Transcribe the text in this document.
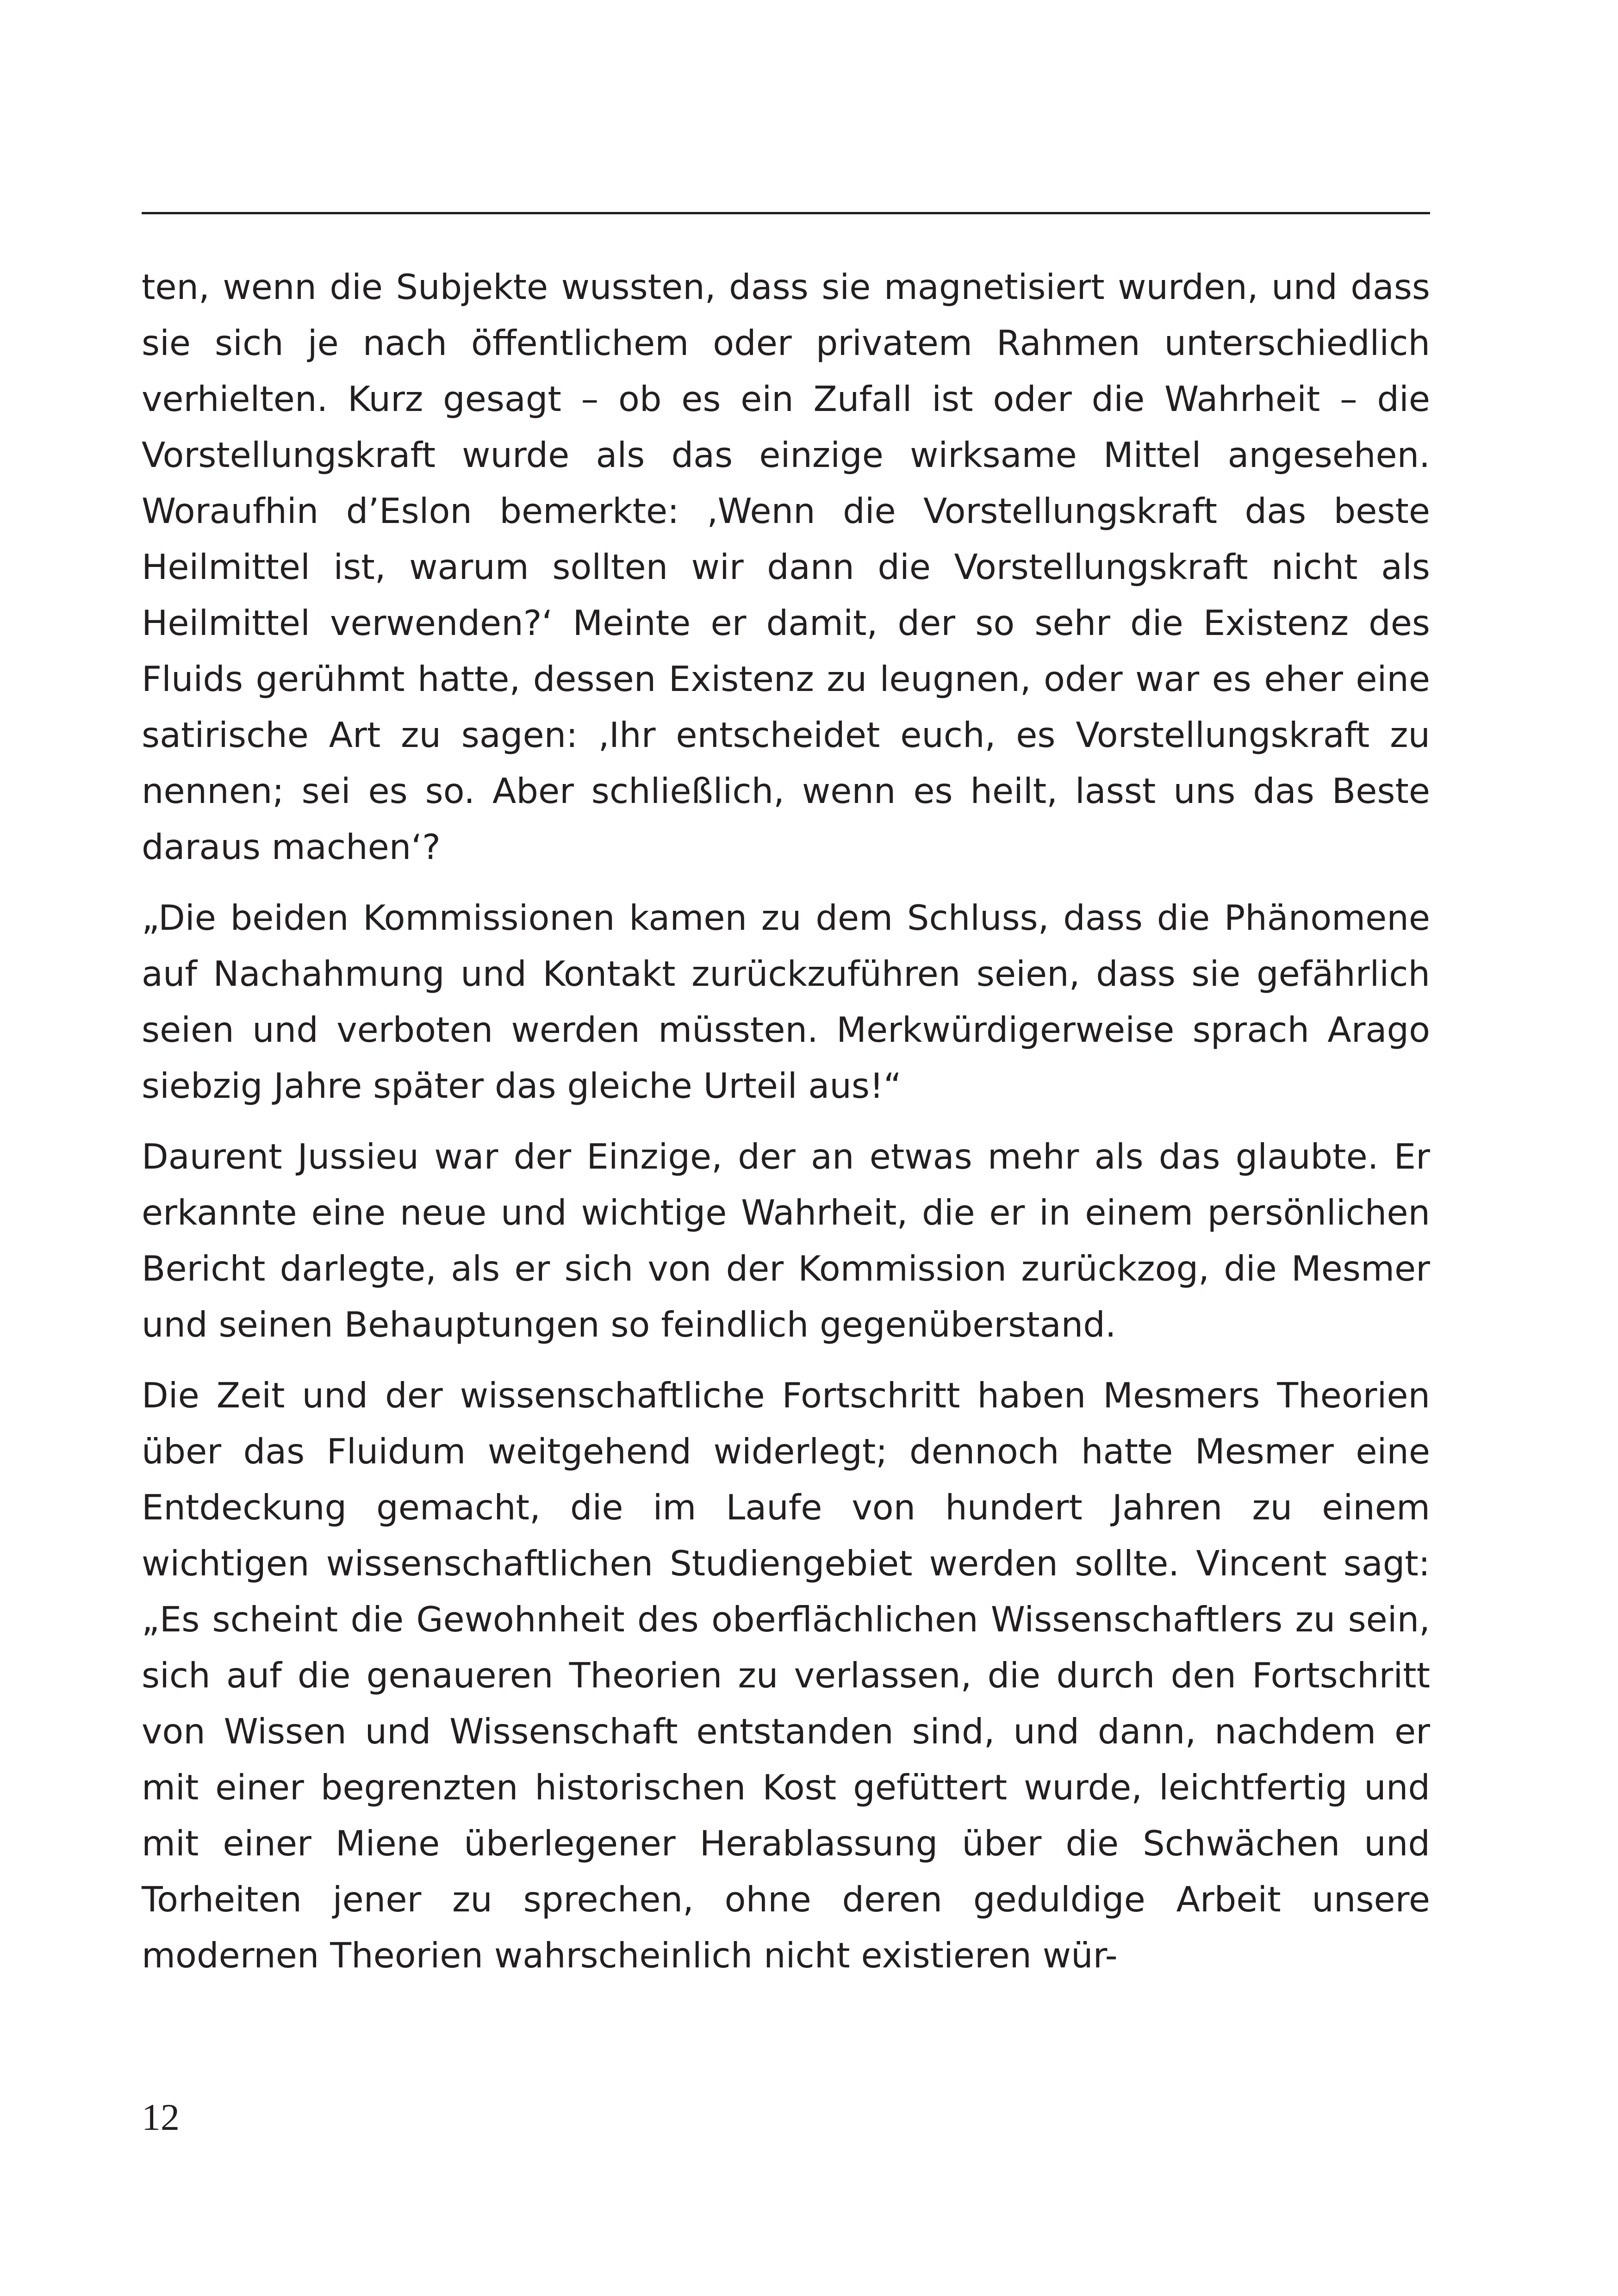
ten, wenn die Subjekte wussten, dass sie magnetisiert wurden, und dass sie sich je nach öffentlichem oder privatem Rahmen unterschiedlich verhielten. Kurz gesagt – ob es ein Zufall ist oder die Wahrheit – die Vorstellungskraft wurde als das einzige wirksame Mittel angesehen. Woraufhin d’Eslon bemerkte: ‚Wenn die Vorstellungskraft das beste Heilmittel ist, warum sollten wir dann die Vorstellungskraft nicht als Heilmittel verwenden?‘ Meinte er damit, der so sehr die Existenz des Fluids gerühmt hatte, dessen Existenz zu leugnen, oder war es eher eine satirische Art zu sagen: ‚Ihr entscheidet euch, es Vorstellungskraft zu nennen; sei es so. Aber schließlich, wenn es heilt, lasst uns das Beste daraus machen‘?

„Die beiden Kommissionen kamen zu dem Schluss, dass die Phänomene auf Nachahmung und Kontakt zurückzuführen seien, dass sie gefährlich seien und verboten werden müssten. Merkwürdigerweise sprach Arago siebzig Jahre später das gleiche Urteil aus!“

Daurent Jussieu war der Einzige, der an etwas mehr als das glaubte. Er erkannte eine neue und wichtige Wahrheit, die er in einem persönlichen Bericht darlegte, als er sich von der Kommission zurückzog, die Mesmer und seinen Behauptungen so feindlich gegenüberstand.

Die Zeit und der wissenschaftliche Fortschritt haben Mesmers Theorien über das Fluidum weitgehend widerlegt; dennoch hatte Mesmer eine Entdeckung gemacht, die im Laufe von hundert Jahren zu einem wichtigen wissenschaftlichen Studiengebiet werden sollte. Vincent sagt: „Es scheint die Gewohnheit des oberflächlichen Wissenschaftlers zu sein, sich auf die genaueren Theorien zu verlassen, die durch den Fortschritt von Wissen und Wissenschaft entstanden sind, und dann, nachdem er mit einer begrenzten historischen Kost gefüttert wurde, leichtfertig und mit einer Miene überlegener Herablassung über die Schwächen und Torheiten jener zu sprechen, ohne deren geduldige Arbeit unsere modernen Theorien wahrscheinlich nicht existieren wür-

12
